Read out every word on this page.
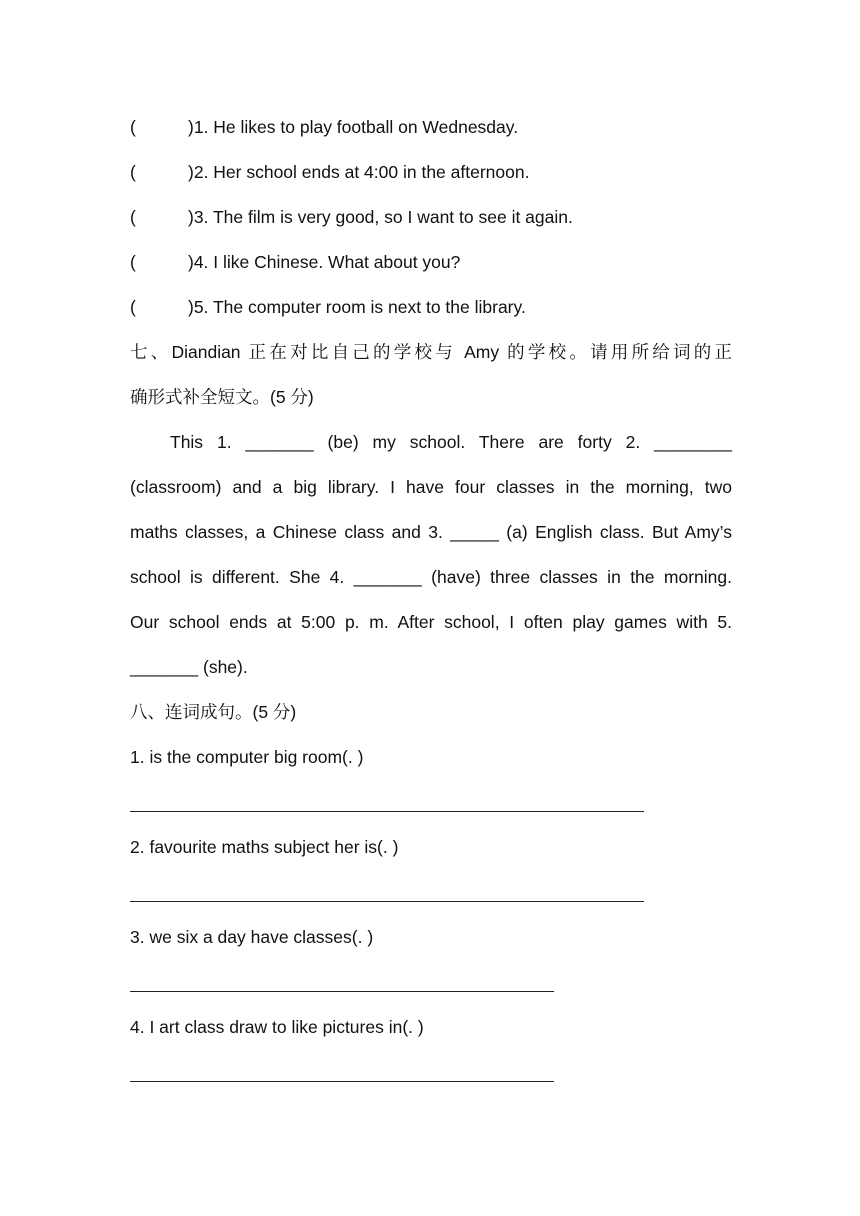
(	)1. He likes to play football on Wednesday.
(	)2. Her school ends at 4:00 in the afternoon.
(	)3. The film is very good, so I want to see it again.
(	)4. I like Chinese. What about you?
(	)5. The computer room is next to the library.
七、Diandian 正在对比自己的学校与 Amy 的学校。请用所给词的正
确形式补全短文。(5 分)
This 1. _______ (be) my school. There are forty 2. ________
(classroom) and a big library. I have four classes in the morning, two
maths classes, a Chinese class and 3. _____ (a) English class. But Amy’s
school is different. She 4. _______ (have) three classes in the morning.
Our school ends at 5:00 p. m. After school, I often play games with 5.
_______ (she).
八、连词成句。(5 分)
1. is the computer big room(. )
2. favourite maths subject her is(. )
3. we six a day have classes(. )
4. I art class draw to like pictures in(. )
